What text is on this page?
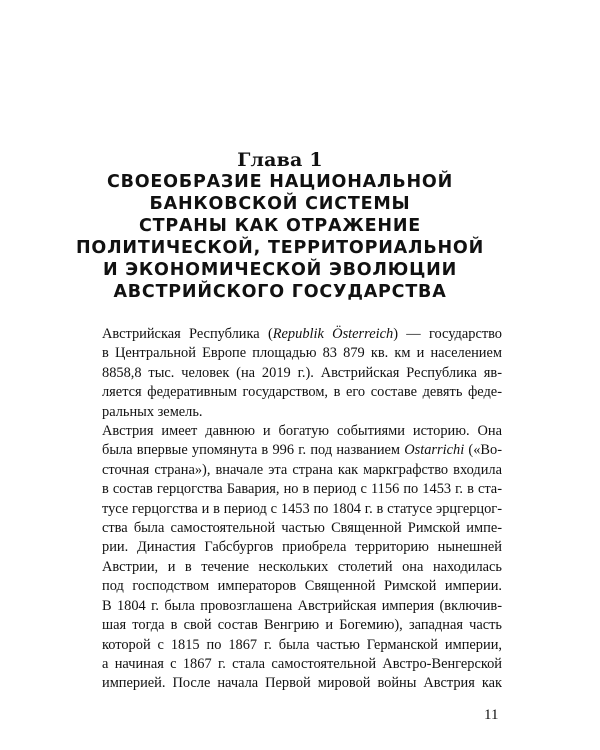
Глава 1

СВОЕОБРАЗИЕ НАЦИОНАЛЬНОЙ
БАНКОВСКОЙ СИСТЕМЫ
СТРАНЫ КАК ОТРАЖЕНИЕ
ПОЛИТИЧЕСКОЙ, ТЕРРИТОРИАЛЬНОЙ
И ЭКОНОМИЧЕСКОЙ ЭВОЛЮЦИИ
АВСТРИЙСКОГО ГОСУДАРСТВА

Австрийская Республика (Republik Österreich) — государство
в Центральной Европе площадью 83 879 кв. км и населением
8858,8 тыс. человек (на 2019 г.). Австрийская Республика яв-
ляется федеративным государством, в его составе девять феде-
ральных земель.

Австрия имеет давнюю и богатую событиями историю. Она
была впервые упомянута в 996 г. под названием Ostarrichi («Во-
сточная страна»), вначале эта страна как маркграфство входила
в состав герцогства Бавария, но в период с 1156 по 1453 г. в ста-
тусе герцогства и в период с 1453 по 1804 г. в статусе эрцгерцог-
ства была самостоятельной частью Священной Римской импе-
рии. Династия Габсбургов приобрела территорию нынешней
Австрии, и в течение нескольких столетий она находилась
под господством императоров Священной Римской империи.
В 1804 г. была провозглашена Австрийская империя (включив-
шая тогда в свой состав Венгрию и Богемию), западная часть
которой с 1815 по 1867 г. была частью Германской империи,
а начиная с 1867 г. стала самостоятельной Австро-Венгерской
империей. После начала Первой мировой войны Австрия как

11
